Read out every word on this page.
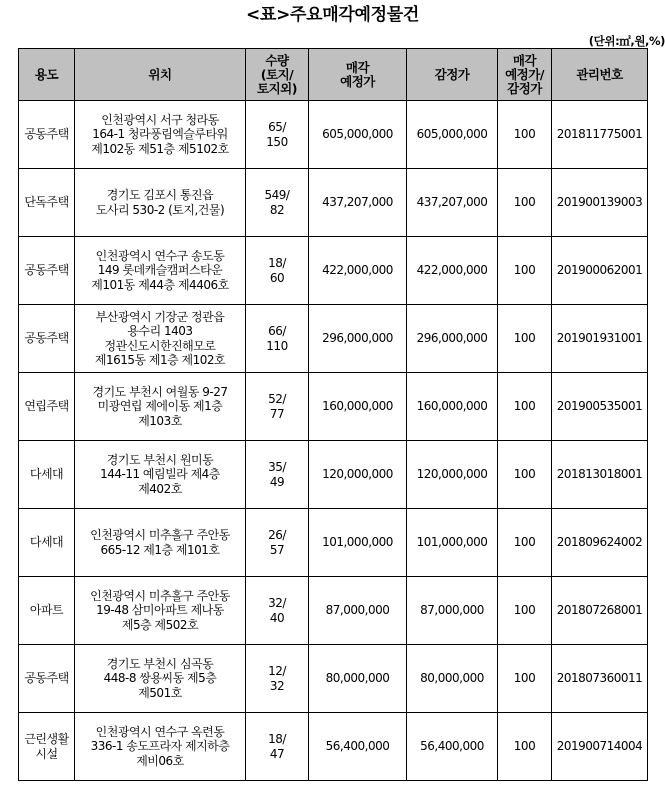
<표>주요매각예정물건
(단위:㎡,원,%)
용도	위치	수량
(토지/
토지외)	매각
예정가	감정가	매각
예정가/
감정가	관리번호

공동주택	인천광역시 서구 청라동
164-1 청라풍림엑슬루타워
제102동 제51층 제5102호	65/
150	605,000,000	605,000,000	100	201811775001
단독주택	경기도 김포시 통진읍
도사리 530-2 (토지,건물)	549/
82	437,207,000	437,207,000	100	201900139003
공동주택	인천광역시 연수구 송도동
149 롯데캐슬캠퍼스타운
제101동 제44층 제4406호	18/
60	422,000,000	422,000,000	100	201900062001
공동주택	부산광역시 기장군 정관읍
용수리 1403
정관신도시한진해모로
제1615동 제1층 제102호	66/
110	296,000,000	296,000,000	100	201901931001
연립주택	경기도 부천시 여월동 9-27
미광연립 제에이동 제1층
제103호	52/
77	160,000,000	160,000,000	100	201900535001
다세대	경기도 부천시 원미동
144-11 예림빌라 제4층
제402호	35/
49	120,000,000	120,000,000	100	201813018001
다세대	인천광역시 미추홀구 주안동
665-12 제1층 제101호	26/
57	101,000,000	101,000,000	100	201809624002
아파트	인천광역시 미추홀구 주안동
19-48 삼미아파트 제나동
제5층 제502호	32/
40	87,000,000	87,000,000	100	201807268001
공동주택	경기도 부천시 심곡동
448-8 쌍용씨동 제5층
제501호	12/
32	80,000,000	80,000,000	100	201807360011

근린생활
시설	인천광역시 연수구 옥련동
336-1 송도프라자 제지하층
제비06호	18/
47	56,400,000	56,400,000	100	201900714004
